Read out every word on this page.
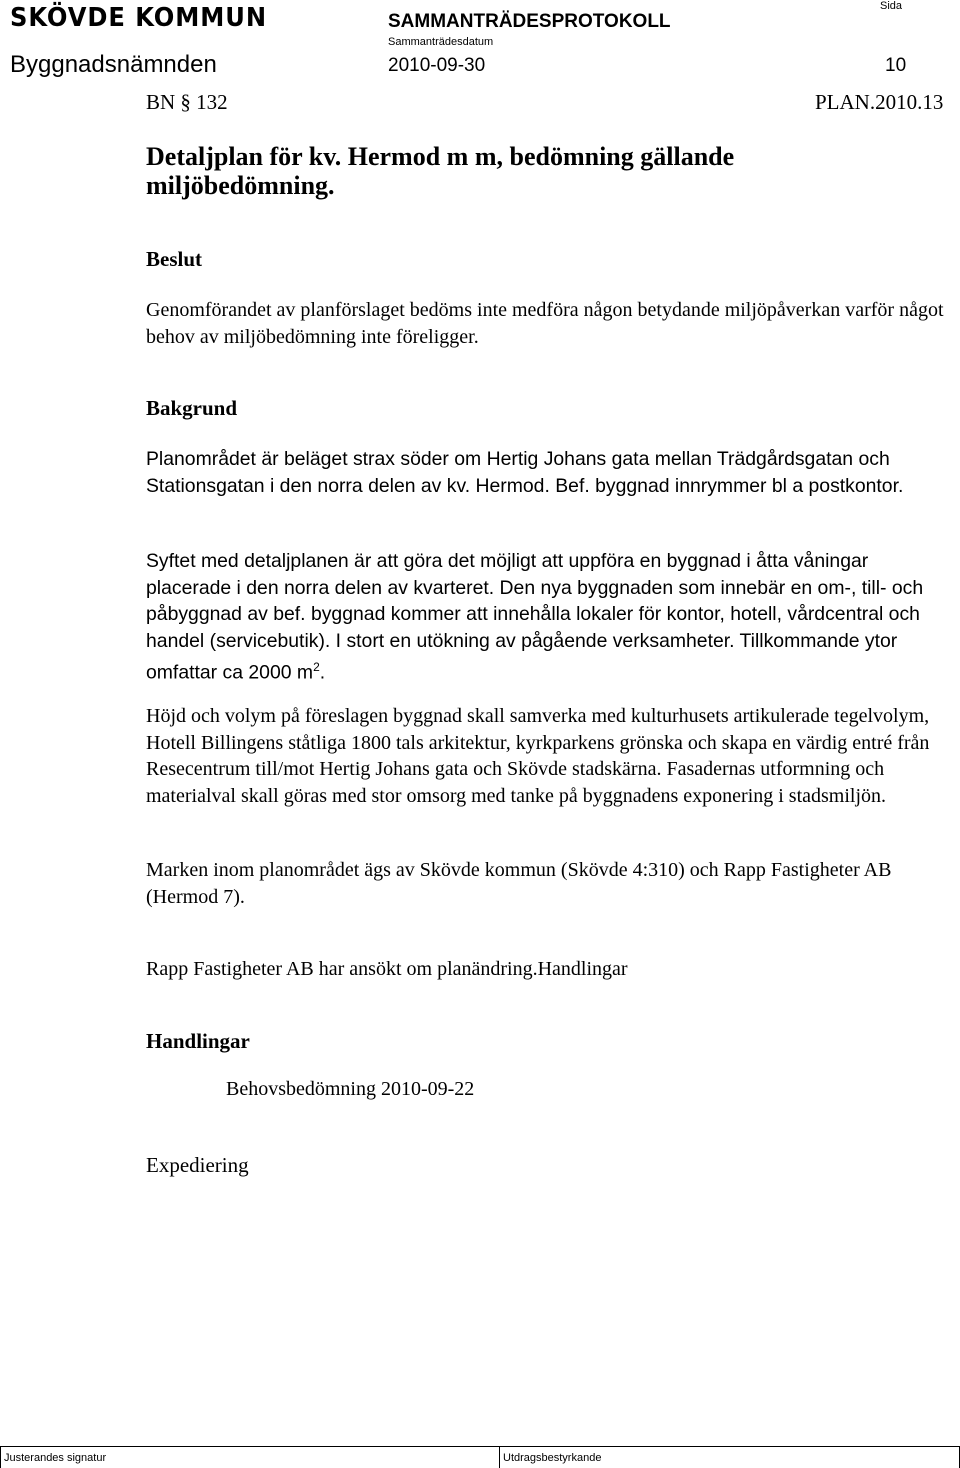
SKÖVDE KOMMUN	SAMMANTRÄDESPROTOKOLL
Sammanträdesdatum
Sida
Byggnadsnämnden	2010-09-30	10
BN § 132	PLAN.2010.13
Detaljplan för kv. Hermod m m, bedömning gällande miljöbedömning.
Beslut
Genomförandet av planförslaget bedöms inte medföra någon betydande miljöpåverkan varför något behov av miljöbedömning inte föreligger.
Bakgrund
Planområdet är beläget strax söder om Hertig Johans gata mellan Trädgårdsgatan och Stationsgatan i den norra delen av kv. Hermod. Bef. byggnad innrymmer bl a postkontor.
Syftet med detaljplanen är att göra det möjligt att uppföra en byggnad i åtta våningar placerade i den norra delen av kvarteret. Den nya byggnaden som innebär en om-, till- och påbyggnad av bef. byggnad kommer att innehålla lokaler för kontor, hotell, vårdcentral och handel (servicebutik). I stort en utökning av pågående verksamheter. Tillkommande ytor omfattar ca 2000 $m^2$.
Höjd och volym på föreslagen byggnad skall samverka med kulturhusets artikulerade tegelvolym, Hotell Billingens ståtliga 1800 tals arkitektur, kyrkparkens grönska och skapa en värdig entré från Resecentrum till/mot Hertig Johans gata och Skövde stadskärna. Fasadernas utformning och materialval skall göras med stor omsorg med tanke på byggnadens exponering i stadsmiljön.
Marken inom planområdet ägs av Skövde kommun (Skövde 4:310) och Rapp Fastigheter AB (Hermod 7).
Rapp Fastigheter AB har ansökt om planändring.Handlingar
Handlingar
Behovsbedömning 2010-09-22
Expediering
Justerandes signatur	Utdragsbestyrkande
